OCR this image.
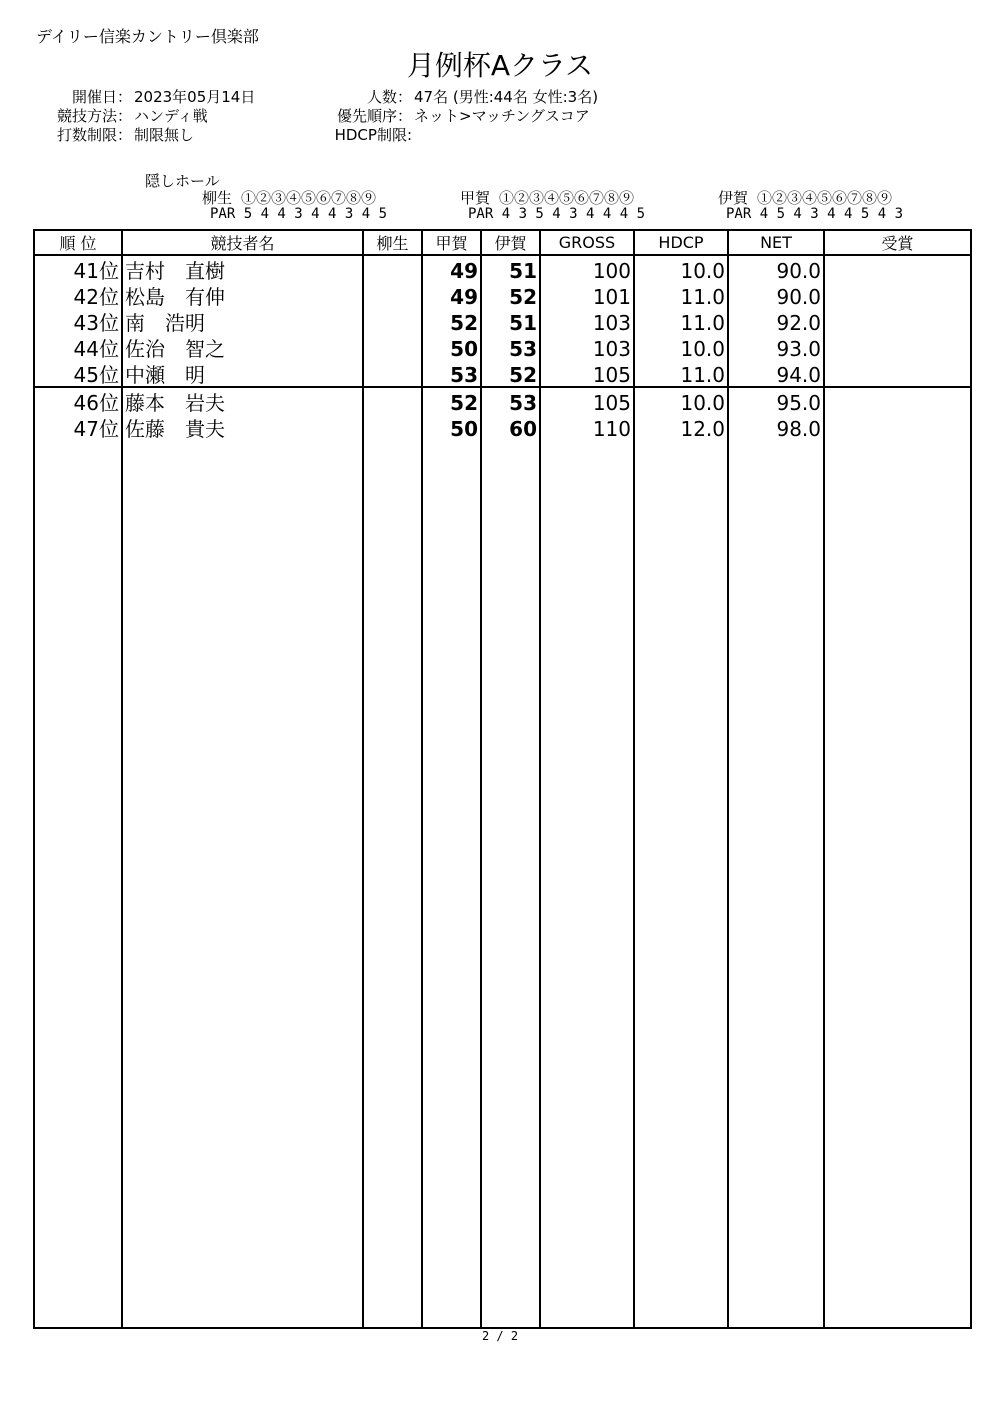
デイリー信楽カントリー倶楽部
月例杯Aクラス
開催日： 2023年05月14日
競技方法： ハンディ戦
打数制限： 制限無し
人数： 47名 (男性:44名 女性:3名)
優先順序： ネット>マッチングスコア
HDCP制限:
隠しホール
柳生 ①②③④⑤⑥⑦⑧⑨
PAR 5 4 4 3 4 4 3 4 5
甲賀 ①②③④⑤⑥⑦⑧⑨
PAR 4 3 5 4 3 4 4 4 5
伊賀 ①②③④⑤⑥⑦⑧⑨
PAR 4 5 4 3 4 4 5 4 3
順 位	競技者名	柳生	甲賀	伊賀	GROSS	HDCP	NET	受賞
41位	吉村　直樹		49	51	100	10.0	90.0	
42位	松島　有伸		49	52	101	11.0	90.0	
43位	南　浩明		52	51	103	11.0	92.0	
44位	佐治　智之		50	53	103	10.0	93.0	
45位	中瀬　明		53	52	105	11.0	94.0	
46位	藤本　岩夫		52	53	105	10.0	95.0	
47位	佐藤　貴夫		50	60	110	12.0	98.0	

2 / 2
